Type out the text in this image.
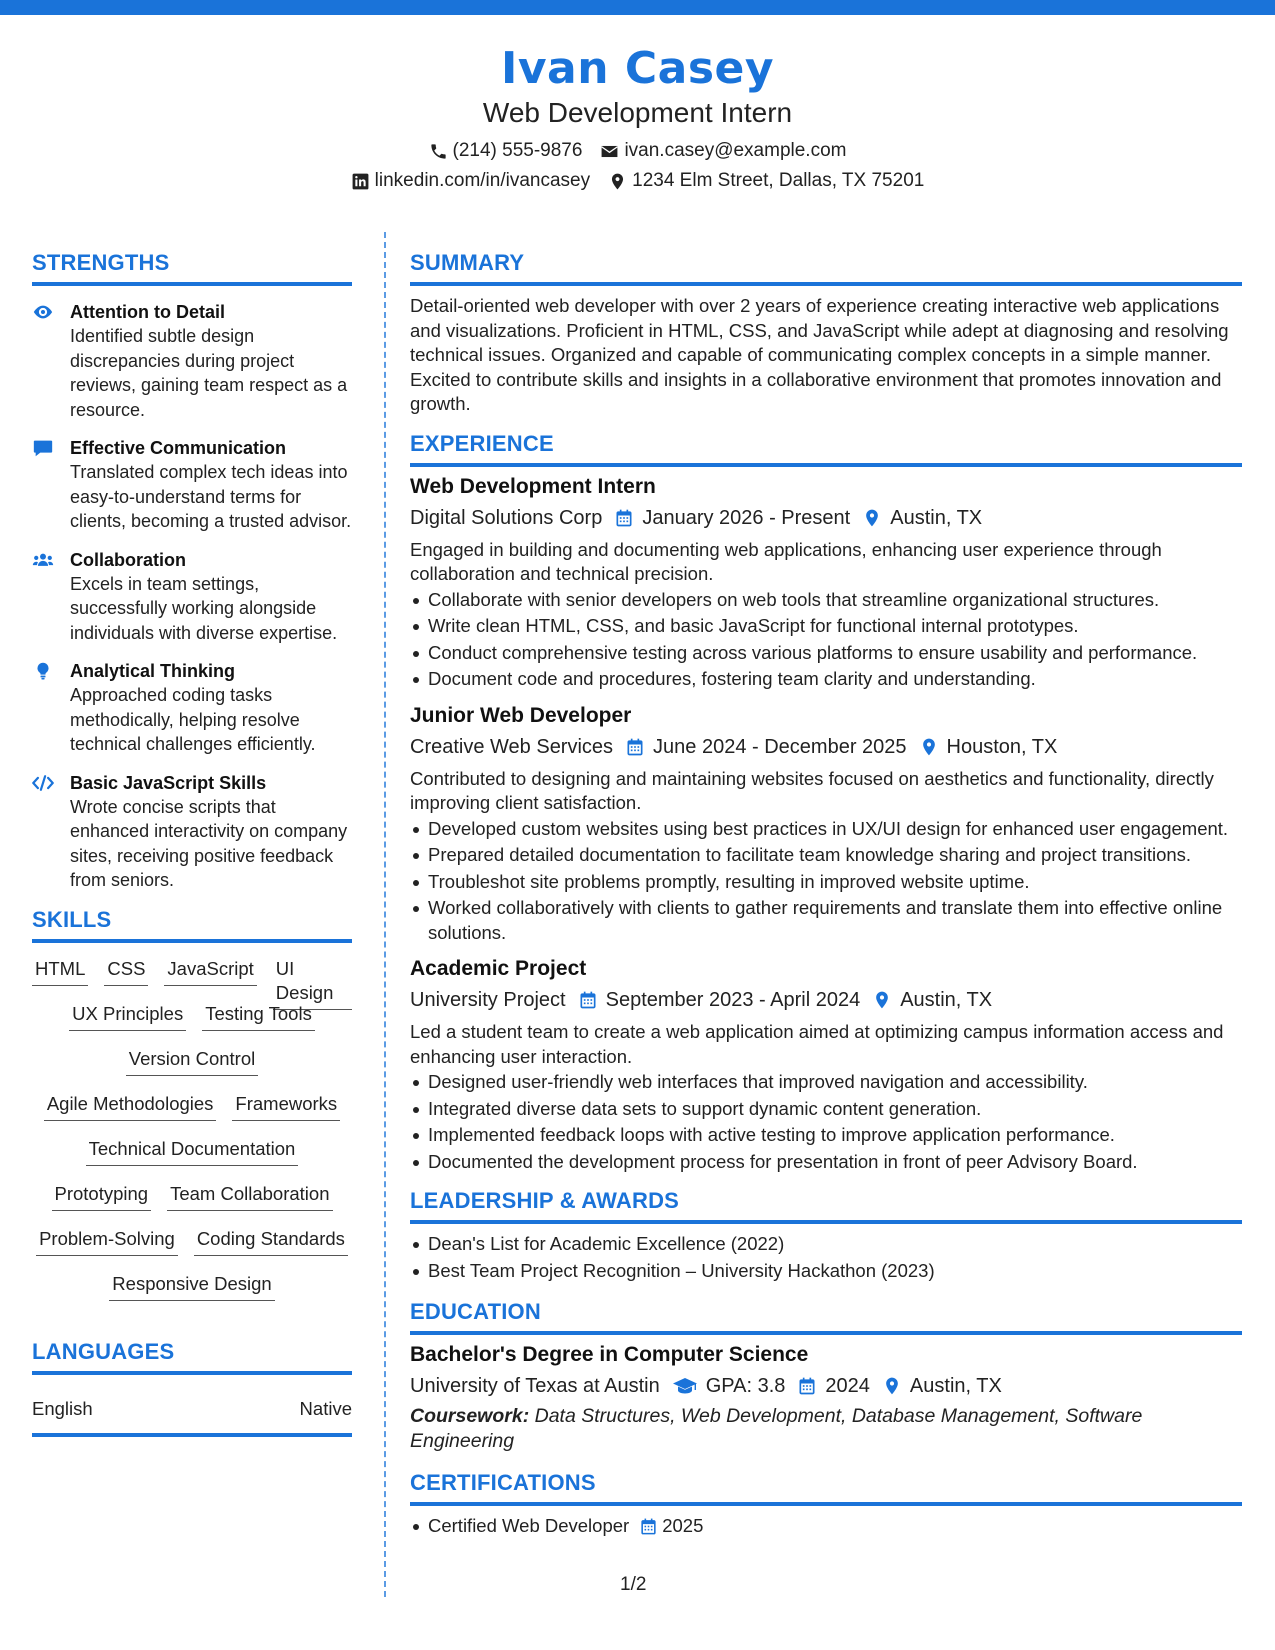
Ivan Casey
Web Development Intern
(214) 555-9876 ivan.casey@example.com
linkedin.com/in/ivancasey 1234 Elm Street, Dallas, TX 75201
STRENGTHS
Attention to Detail
Identified subtle design discrepancies during project reviews, gaining team respect as a resource.
Effective Communication
Translated complex tech ideas into easy-to-understand terms for clients, becoming a trusted advisor.
Collaboration
Excels in team settings, successfully working alongside individuals with diverse expertise.
Analytical Thinking
Approached coding tasks methodically, helping resolve technical challenges efficiently.
Basic JavaScript Skills
Wrote concise scripts that enhanced interactivity on company sites, receiving positive feedback from seniors.
SKILLS
HTML CSS JavaScript UI Design
UX Principles Testing Tools
Version Control
Agile Methodologies Frameworks
Technical Documentation
Prototyping Team Collaboration
Problem-Solving Coding Standards
Responsive Design
LANGUAGES
English	Native
SUMMARY
Detail-oriented web developer with over 2 years of experience creating interactive web applications and visualizations. Proficient in HTML, CSS, and JavaScript while adept at diagnosing and resolving technical issues. Organized and capable of communicating complex concepts in a simple manner. Excited to contribute skills and insights in a collaborative environment that promotes innovation and growth.
EXPERIENCE
Web Development Intern
Digital Solutions Corp January 2026 - Present Austin, TX
Engaged in building and documenting web applications, enhancing user experience through collaboration and technical precision.
Collaborate with senior developers on web tools that streamline organizational structures.
Write clean HTML, CSS, and basic JavaScript for functional internal prototypes.
Conduct comprehensive testing across various platforms to ensure usability and performance.
Document code and procedures, fostering team clarity and understanding.
Junior Web Developer
Creative Web Services June 2024 - December 2025 Houston, TX
Contributed to designing and maintaining websites focused on aesthetics and functionality, directly improving client satisfaction.
Developed custom websites using best practices in UX/UI design for enhanced user engagement.
Prepared detailed documentation to facilitate team knowledge sharing and project transitions.
Troubleshot site problems promptly, resulting in improved website uptime.
Worked collaboratively with clients to gather requirements and translate them into effective online solutions.
Academic Project
University Project September 2023 - April 2024 Austin, TX
Led a student team to create a web application aimed at optimizing campus information access and enhancing user interaction.
Designed user-friendly web interfaces that improved navigation and accessibility.
Integrated diverse data sets to support dynamic content generation.
Implemented feedback loops with active testing to improve application performance.
Documented the development process for presentation in front of peer Advisory Board.
LEADERSHIP & AWARDS
Dean's List for Academic Excellence (2022)
Best Team Project Recognition – University Hackathon (2023)
EDUCATION
Bachelor's Degree in Computer Science
University of Texas at Austin GPA: 3.8 2024 Austin, TX
Coursework: Data Structures, Web Development, Database Management, Software Engineering
CERTIFICATIONS
Certified Web Developer 2025
1/2
